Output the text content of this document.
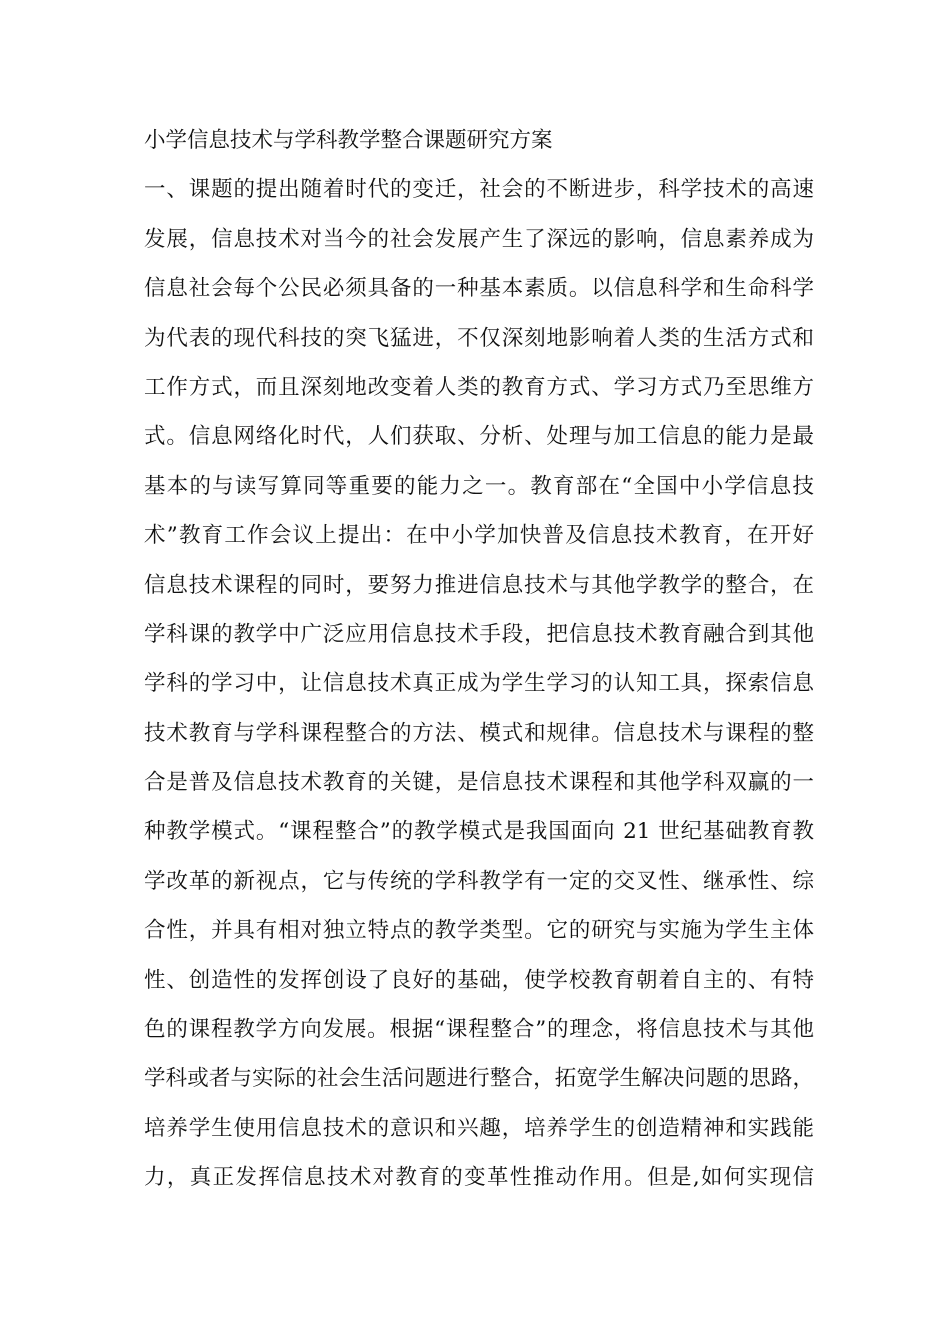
小学信息技术与学科教学整合课题研究方案
一、课题的提出随着时代的变迁，社会的不断进步，科学技术的高速
发展，信息技术对当今的社会发展产生了深远的影响，信息素养成为
信息社会每个公民必须具备的一种基本素质。以信息科学和生命科学
为代表的现代科技的突飞猛进，不仅深刻地影响着人类的生活方式和
工作方式，而且深刻地改变着人类的教育方式、学习方式乃至思维方
式。信息网络化时代，人们获取、分析、处理与加工信息的能力是最
基本的与读写算同等重要的能力之一。教育部在“全国中小学信息技
术”教育工作会议上提出：在中小学加快普及信息技术教育，在开好
信息技术课程的同时，要努力推进信息技术与其他学教学的整合，在
学科课的教学中广泛应用信息技术手段，把信息技术教育融合到其他
学科的学习中，让信息技术真正成为学生学习的认知工具，探索信息
技术教育与学科课程整合的方法、模式和规律。信息技术与课程的整
合是普及信息技术教育的关键，是信息技术课程和其他学科双赢的一
种教学模式。“课程整合”的教学模式是我国面向 21 世纪基础教育教
学改革的新视点，它与传统的学科教学有一定的交叉性、继承性、综
合性，并具有相对独立特点的教学类型。它的研究与实施为学生主体
性、创造性的发挥创设了良好的基础，使学校教育朝着自主的、有特
色的课程教学方向发展。根据“课程整合”的理念，将信息技术与其他
学科或者与实际的社会生活问题进行整合，拓宽学生解决问题的思路，
培养学生使用信息技术的意识和兴趣，培养学生的创造精神和实践能
力，真正发挥信息技术对教育的变革性推动作用。但是,如何实现信
